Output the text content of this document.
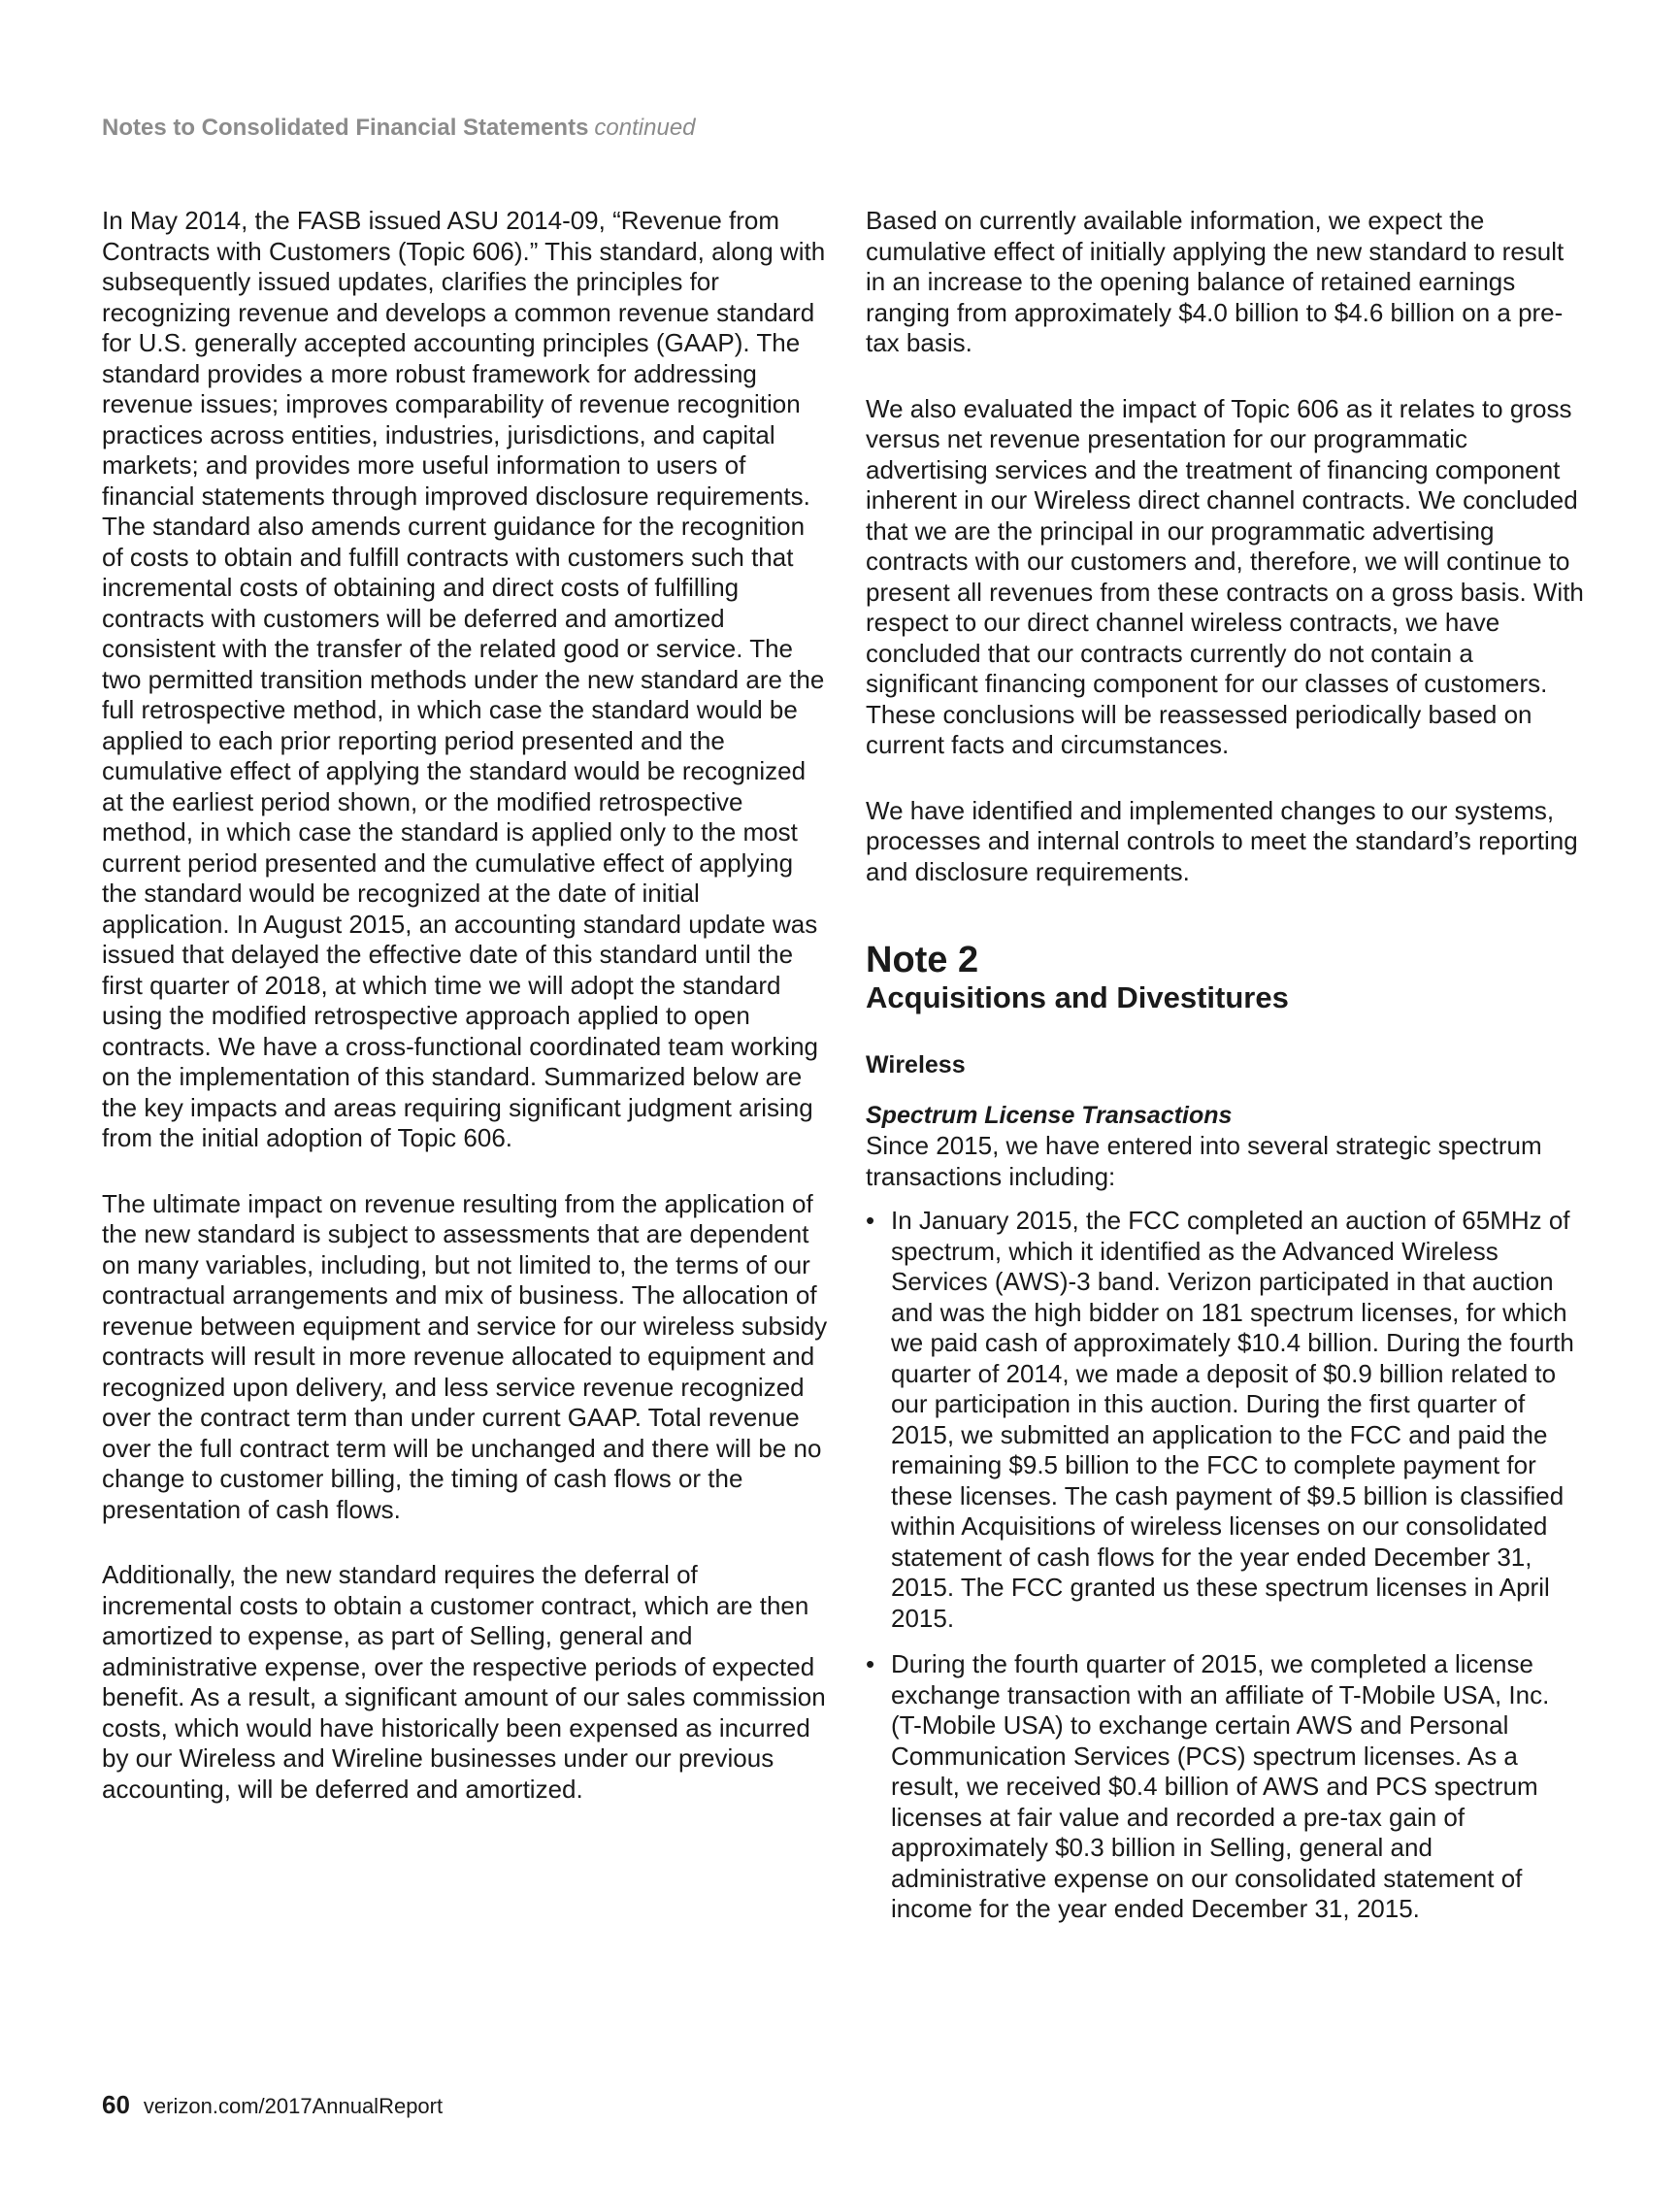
Notes to Consolidated Financial Statements continued

In May 2014, the FASB issued ASU 2014-09, “Revenue from Contracts with Customers (Topic 606).” This standard, along with subsequently issued updates, clarifies the principles for recognizing revenue and develops a common revenue standard for U.S. generally accepted accounting principles (GAAP). The standard provides a more robust framework for addressing revenue issues; improves comparability of revenue recognition practices across entities, industries, jurisdictions, and capital markets; and provides more useful information to users of financial statements through improved disclosure requirements. The standard also amends current guidance for the recognition of costs to obtain and fulfill contracts with customers such that incremental costs of obtaining and direct costs of fulfilling contracts with customers will be deferred and amortized consistent with the transfer of the related good or service. The two permitted transition methods under the new standard are the full retrospective method, in which case the standard would be applied to each prior reporting period presented and the cumulative effect of applying the standard would be recognized at the earliest period shown, or the modified retrospective method, in which case the standard is applied only to the most current period presented and the cumulative effect of applying the standard would be recognized at the date of initial application. In August 2015, an accounting standard update was issued that delayed the effective date of this standard until the first quarter of 2018, at which time we will adopt the standard using the modified retrospective approach applied to open contracts. We have a cross-functional coordinated team working on the implementation of this standard. Summarized below are the key impacts and areas requiring significant judgment arising from the initial adoption of Topic 606.

The ultimate impact on revenue resulting from the application of the new standard is subject to assessments that are dependent on many variables, including, but not limited to, the terms of our contractual arrangements and mix of business. The allocation of revenue between equipment and service for our wireless subsidy contracts will result in more revenue allocated to equipment and recognized upon delivery, and less service revenue recognized over the contract term than under current GAAP. Total revenue over the full contract term will be unchanged and there will be no change to customer billing, the timing of cash flows or the presentation of cash flows.

Additionally, the new standard requires the deferral of incremental costs to obtain a customer contract, which are then amortized to expense, as part of Selling, general and administrative expense, over the respective periods of expected benefit. As a result, a significant amount of our sales commission costs, which would have historically been expensed as incurred by our Wireless and Wireline businesses under our previous accounting, will be deferred and amortized.

Based on currently available information, we expect the cumulative effect of initially applying the new standard to result in an increase to the opening balance of retained earnings ranging from approximately $4.0 billion to $4.6 billion on a pre-tax basis.

We also evaluated the impact of Topic 606 as it relates to gross versus net revenue presentation for our programmatic advertising services and the treatment of financing component inherent in our Wireless direct channel contracts. We concluded that we are the principal in our programmatic advertising contracts with our customers and, therefore, we will continue to present all revenues from these contracts on a gross basis. With respect to our direct channel wireless contracts, we have concluded that our contracts currently do not contain a significant financing component for our classes of customers. These conclusions will be reassessed periodically based on current facts and circumstances.

We have identified and implemented changes to our systems, processes and internal controls to meet the standard’s reporting and disclosure requirements.

Note 2
Acquisitions and Divestitures
Wireless
Spectrum License Transactions

Since 2015, we have entered into several strategic spectrum transactions including:

• In January 2015, the FCC completed an auction of 65MHz of spectrum, which it identified as the Advanced Wireless Services (AWS)-3 band. Verizon participated in that auction and was the high bidder on 181 spectrum licenses, for which we paid cash of approximately $10.4 billion. During the fourth quarter of 2014, we made a deposit of $0.9 billion related to our participation in this auction. During the first quarter of 2015, we submitted an application to the FCC and paid the remaining $9.5 billion to the FCC to complete payment for these licenses. The cash payment of $9.5 billion is classified within Acquisitions of wireless licenses on our consolidated statement of cash flows for the year ended December 31, 2015. The FCC granted us these spectrum licenses in April 2015.
• During the fourth quarter of 2015, we completed a license exchange transaction with an affiliate of T-Mobile USA, Inc. (T-Mobile USA) to exchange certain AWS and Personal Communication Services (PCS) spectrum licenses. As a result, we received $0.4 billion of AWS and PCS spectrum licenses at fair value and recorded a pre-tax gain of approximately $0.3 billion in Selling, general and administrative expense on our consolidated statement of income for the year ended December 31, 2015.
60 verizon.com/2017AnnualReport
